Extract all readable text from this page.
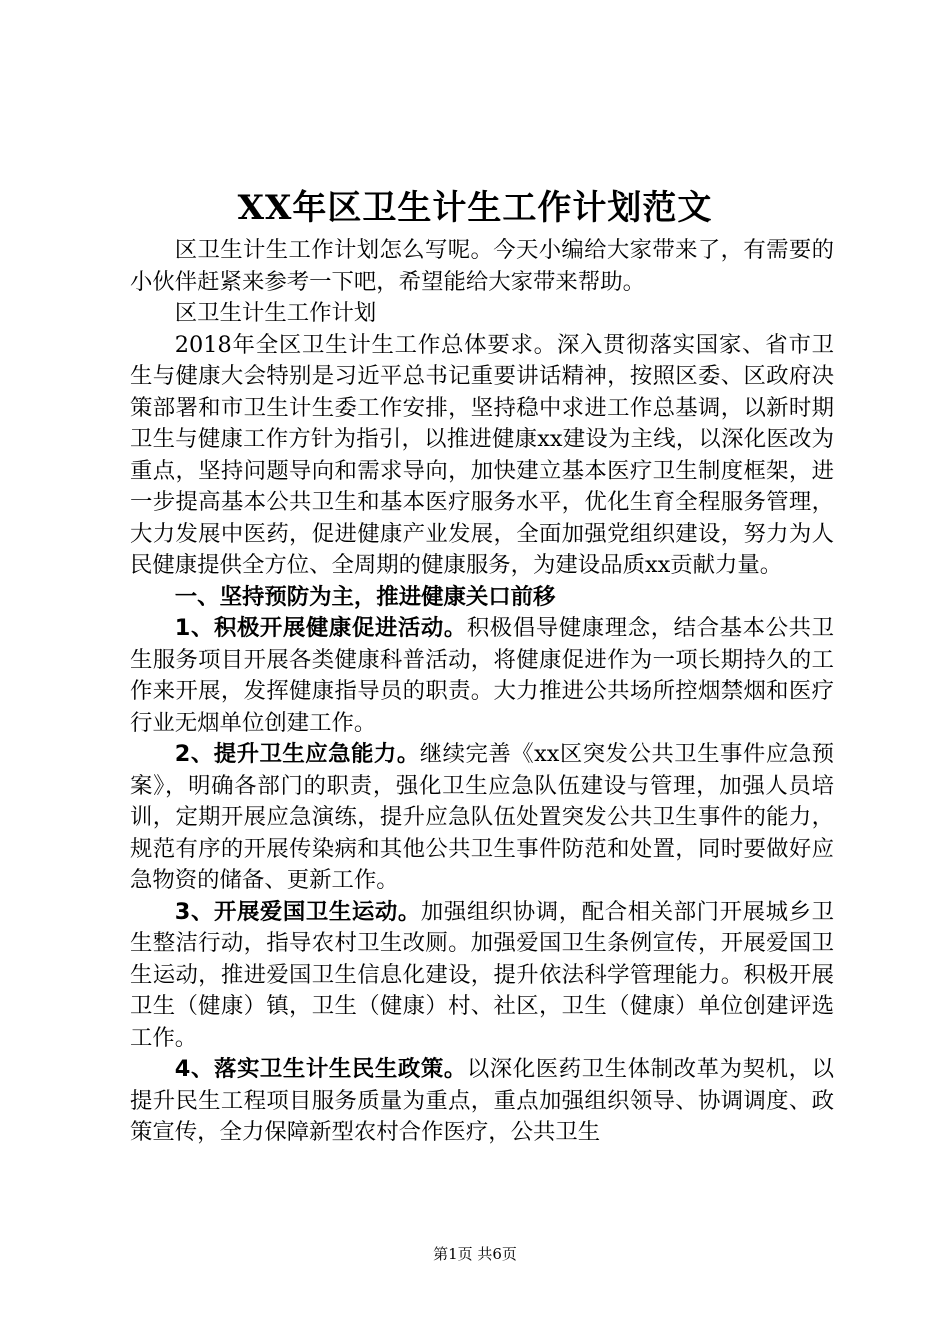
XX年区卫生计生工作计划范文

区卫生计生工作计划怎么写呢。今天小编给大家带来了，有需要的小伙伴赶紧来参考一下吧，希望能给大家带来帮助。

区卫生计生工作计划

2018年全区卫生计生工作总体要求。深入贯彻落实国家、省市卫生与健康大会特别是习近平总书记重要讲话精神，按照区委、区政府决策部署和市卫生计生委工作安排，坚持稳中求进工作总基调，以新时期卫生与健康工作方针为指引，以推进健康xx建设为主线，以深化医改为重点，坚持问题导向和需求导向，加快建立基本医疗卫生制度框架，进一步提高基本公共卫生和基本医疗服务水平，优化生育全程服务管理，大力发展中医药，促进健康产业发展，全面加强党组织建设，努力为人民健康提供全方位、全周期的健康服务，为建设品质xx贡献力量。

一、坚持预防为主，推进健康关口前移

1、积极开展健康促进活动。积极倡导健康理念，结合基本公共卫生服务项目开展各类健康科普活动，将健康促进作为一项长期持久的工作来开展，发挥健康指导员的职责。大力推进公共场所控烟禁烟和医疗行业无烟单位创建工作。

2、提升卫生应急能力。继续完善《xx区突发公共卫生事件应急预案》，明确各部门的职责，强化卫生应急队伍建设与管理，加强人员培训，定期开展应急演练，提升应急队伍处置突发公共卫生事件的能力，规范有序的开展传染病和其他公共卫生事件防范和处置，同时要做好应急物资的储备、更新工作。

3、开展爱国卫生运动。加强组织协调，配合相关部门开展城乡卫生整洁行动，指导农村卫生改厕。加强爱国卫生条例宣传，开展爱国卫生运动，推进爱国卫生信息化建设，提升依法科学管理能力。积极开展卫生（健康）镇，卫生（健康）村、社区，卫生（健康）单位创建评选工作。

4、落实卫生计生民生政策。以深化医药卫生体制改革为契机，以提升民生工程项目服务质量为重点，重点加强组织领导、协调调度、政策宣传，全力保障新型农村合作医疗，公共卫生

第1页 共6页
